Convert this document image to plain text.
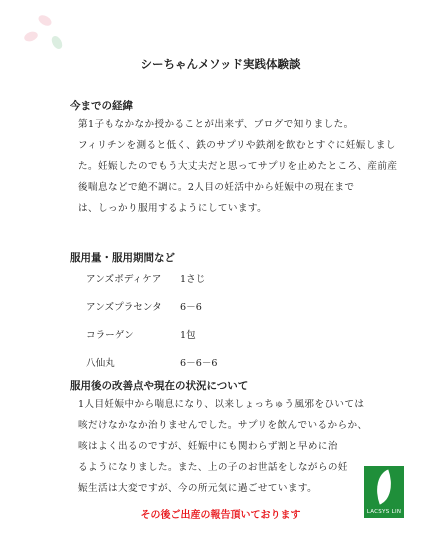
シーちゃんメソッド実践体験談
今までの経緯
第1子もなかなか授かることが出来ず、ブログで知りました。
フィリチンを測ると低く、鉄のサプリや鉄剤を飲むとすぐに妊娠しまし
た。妊娠したのでもう大丈夫だと思ってサプリを止めたところ、産前産
後喘息などで絶不調に。2人目の妊活中から妊娠中の現在まで
は、しっかり服用するようにしています。
服用量・服用期間など
アンズボディケア	1さじ
アンズプラセンタ	6－6
コラーゲン	1包
八仙丸	6－6－6
服用後の改善点や現在の状況について
1人目妊娠中から喘息になり、以来しょっちゅう風邪をひいては
咳だけなかなか治りませんでした。サプリを飲んでいるからか、
咳はよく出るのですが、妊娠中にも関わらず割と早めに治
るようになりました。また、上の子のお世話をしながらの妊
娠生活は大変ですが、今の所元気に過ごせています。
LACSYS LIN
その後ご出産の報告頂いております
